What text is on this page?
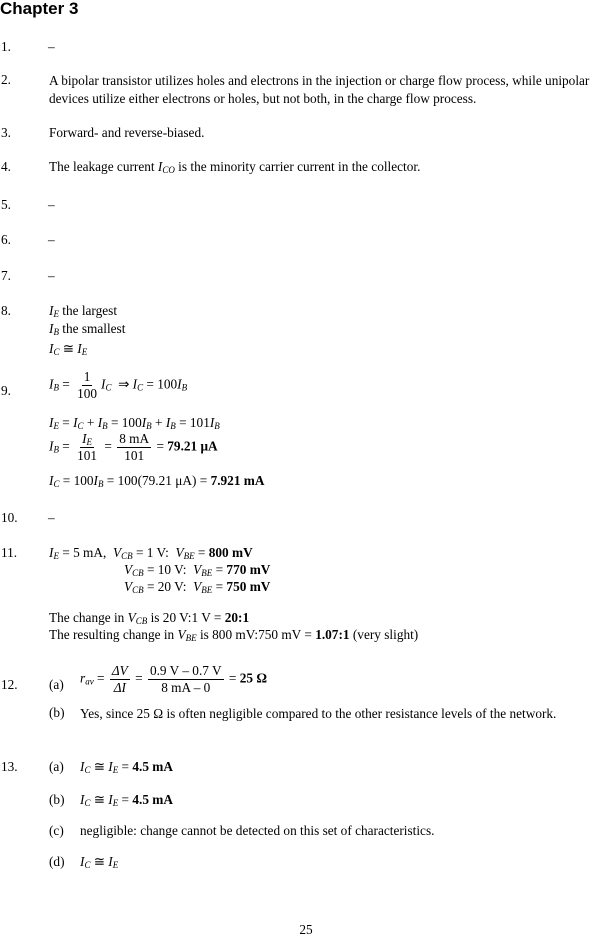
Chapter 3
1.	–
2.	A bipolar transistor utilizes holes and electrons in the injection or charge flow process, while unipolar devices utilize either electrons or holes, but not both, in the charge flow process.
3.	Forward- and reverse-biased.
4.	The leakage current $I_{CO}$ is the minority carrier current in the collector.
5.	–
6.	–
7.	–
8.	$I_E$ the largest
$I_B$ the smallest
$I_C$ ≅ $I_E$
9.	$I_B = \frac{1}{100} I_C$  ⇒ $I_C = 100I_B$
$I_E = I_C + I_B = 100I_B + I_B = 101I_B$
$I_B = \frac{I_E}{101} = \frac{8 mA}{101} = 79.21$ μA
$I_C = 100I_B = 100(79.21$ μA) = 7.921 mA
10. –
11. $I_E = 5$ mA,  $V_{CB} = 1$ V:  $V_{BE} = 800$ mV
$V_{CB} = 10$ V:  $V_{BE} = 770$ mV
$V_{CB} = 20$ V:  $V_{BE} = 750$ mV
The change in $V_{CB}$ is 20 V:1 V = 20:1
The resulting change in $V_{BE}$ is 800 mV:750 mV = 1.07:1 (very slight)
12. (a) $r_{av} = \frac{\Delta V}{\Delta I} = \frac{0.9 V - 0.7 V}{8 mA - 0} = 25$ Ω
(b) Yes, since 25 Ω is often negligible compared to the other resistance levels of the network.
13. (a) $I_C$ ≅ $I_E = 4.5$ mA
(b) $I_C$ ≅ $I_E = 4.5$ mA
(c) negligible: change cannot be detected on this set of characteristics.
(d) $I_C$ ≅ $I_E$
25
